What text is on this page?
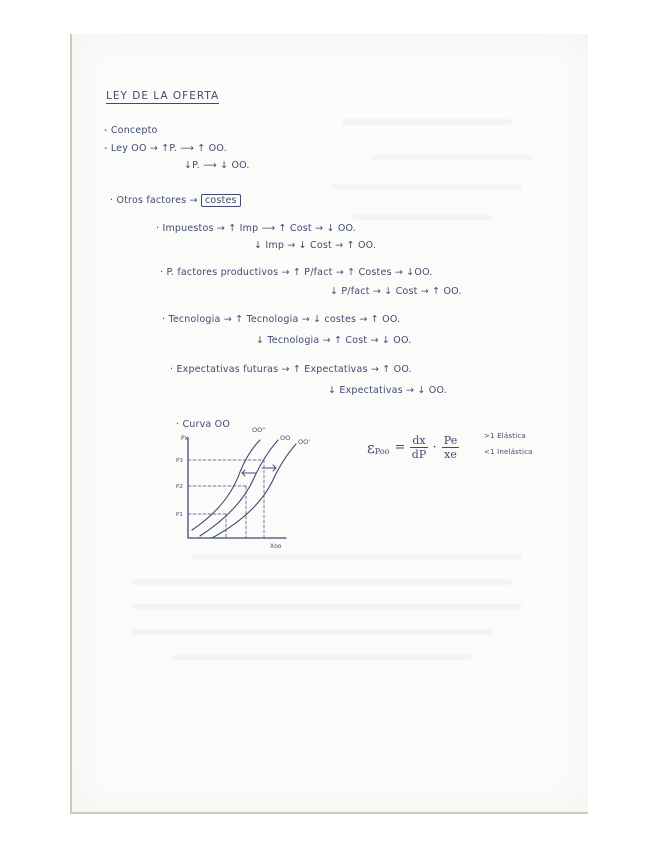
LEY DE LA OFERTA
- Concepto
- Ley OO → ↑P. ⟶ ↑ OO.
↓P. ⟶ ↓ OO.
· Otros factores → costes
· Impuestos → ↑ Imp ⟶ ↑ Cost → ↓ OO.
↓ Imp → ↓ Cost → ↑ OO.
· P. factores productivos → ↑ P/fact → ↑ Costes → ↓OO.
↓ P/fact → ↓ Cost → ↑ OO.
· Tecnologia → ↑ Tecnologia → ↓ costes → ↑ OO.
↓ Tecnologia → ↑ Cost → ↓ OO.
· Expectativas futuras → ↑ Expectativas → ↑ OO.
↓ Expectativas → ↓ OO.
· Curva OO
Px
P3
P2
P1
Xoo
OO''
OO OO'	ε Poo = $\frac{dx}{dP} \cdot \frac{Pe}{xe}$	>1 Elástica
<1 Inelástica
